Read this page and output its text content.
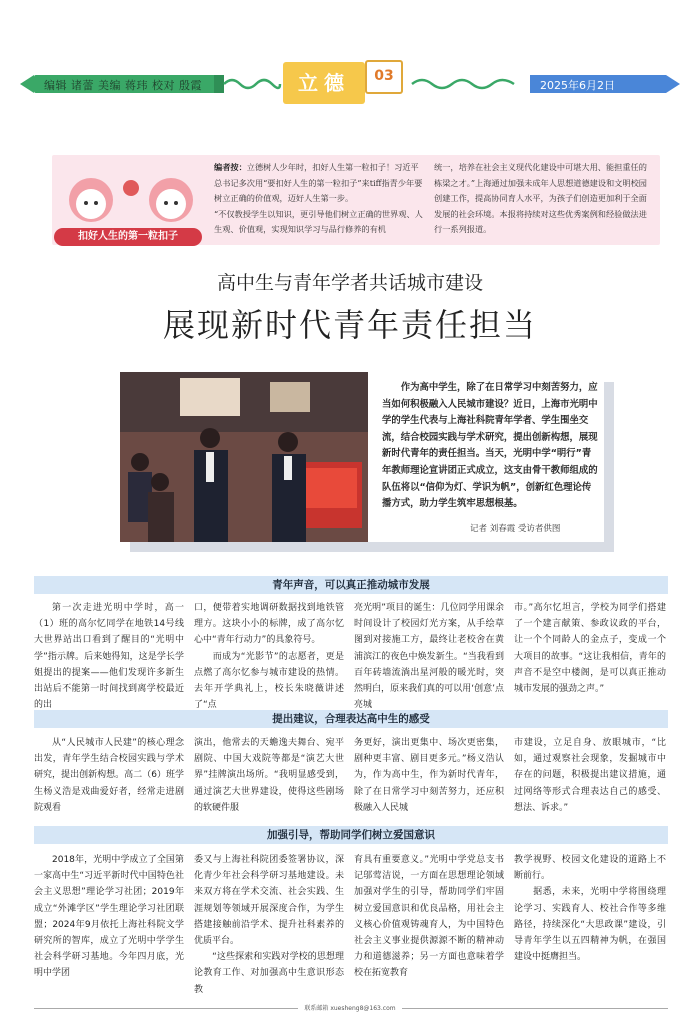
编辑 诸蕾 美编 蒋玮 校对 殷霞	立德	03
2025年6月2日
扣好人生的第一粒扣子
编者按：立德树人少年时，扣好人生第一粒扣子！习近平总书记多次用“要扣好人生的第一粒扣子”来tiff指青少年要树立正确的价值观，迈好人生第一步。
“不仅教授学生以知识，更引导他们树立正确的世界观、人生观、价值观，实现知识学习与品行修养的有机
统一，培养在社会主义现代化建设中可堪大用、能担重任的栋梁之才。”上海通过加强未成年人思想道德建设和文明校园创建工作，提高协同育人水平，为孩子们创造更加利于全面发展的社会环境。本报将持续对这些优秀案例和经验做法进行一系列报道。
高中生与青年学者共话城市建设
展现新时代青年责任担当
作为高中学生，除了在日常学习中刻苦努力，应当如何积极融入人民城市建设？近日，上海市光明中学的学生代表与上海社科院青年学者、学生围坐交流，结合校园实践与学术研究，提出创新构想，展现新时代青年的责任担当。当天，光明中学“明行”青年教师理论宣讲团正式成立，这支由骨干教师组成的队伍将以“信仰为灯、学识为帆”，创新红色理论传播方式，助力学生筑牢思想根基。
记者 刘春霞 受访者供图
青年声音，可以真正推动城市发展
第一次走进光明中学时，高一（1）班的高尔忆同学在地铁14号线大世界站出口看到了醒目的“光明中学”指示牌。后来她得知，这是学长学姐提出的提案——他们发现许多新生出站后不能第一时间找到离学校最近的出
口，便带着实地调研数据找到地铁管理方。这块小小的标牌，成了高尔忆心中“青年行动力”的具象符号。
　　而成为“光影节”的志愿者，更是点燃了高尔忆参与城市建设的热情。去年开学典礼上，校长朱晓薇讲述了“点
亮光明”项目的诞生：几位同学用课余时间设计了校园灯光方案，从手绘草图到对接施工方，最终让老校舍在黄浦滨江的夜色中焕发新生。“当我看到百年砖墙流淌出星河般的暖光时，突然明白，原来我们真的可以用‘创意’点亮城
市。”高尔忆坦言，学校为同学们搭建了一个建言献策、参政议政的平台，让一个个同龄人的金点子，变成一个大项目的故事。“这让我相信，青年的声音不是空中楼阁，是可以真正推动城市发展的强劲之声。”
提出建议，合理表达高中生的感受
从“人民城市人民建”的核心理念出发，青年学生结合校园实践与学术研究，提出创新构想。高二（6）班学生杨义浩是戏曲爱好者，经常走进剧院观看
演出，他常去的天蟾逸夫舞台、宛平剧院、中国大戏院等都是“演艺大世界”挂牌演出场所。“我明显感受到，通过演艺大世界建设，使得这些剧场的软硬件服
务更好，演出更集中、场次更密集，剧种更丰富、剧目更多元。”杨义浩认为，作为高中生，作为新时代青年，除了在日常学习中刻苦努力，还应积极融入人民城
市建设，立足自身、放眼城市，“比如，通过观察社会现象，发掘城市中存在的问题，积极提出建议措施，通过网络等形式合理表达自己的感受、想法、诉求。”
加强引导，帮助同学们树立爱国意识
2018年，光明中学成立了全国第一家高中生“习近平新时代中国特色社会主义思想”理论学习社团；2019年成立“外滩学区”学生理论学习社团联盟；2024年9月依托上海社科院文学研究所的智库，成立了光明中学学生社会科学研习基地。今年四月底，光明中学团
委又与上海社科院团委签署协议，深化青少年社会科学研习基地建设。未来双方将在学术交流、社会实践、生涯规划等领域开展深度合作，为学生搭建接触前沿学术、提升社科素养的优质平台。
　　“这些探索和实践对学校的思想理论教育工作、对加强高中生意识形态教
育具有重要意义。”光明中学党总支书记邬莺洁说，一方面在思想理论领域加强对学生的引导，帮助同学们牢固树立爱国意识和优良品格，用社会主义核心价值观铸魂育人，为中国特色社会主义事业提供源源不断的精神动力和道德滋养；另一方面也意味着学校在拓宽教育
教学视野、校园文化建设的道路上不断前行。
　　据悉，未来，光明中学将围绕理论学习、实践育人、校社合作等多维路径，持续深化“大思政课”建设，引导青年学生以五四精神为帆，在强国建设中挺膺担当。
联系邮箱 xuesheng8@163.com
